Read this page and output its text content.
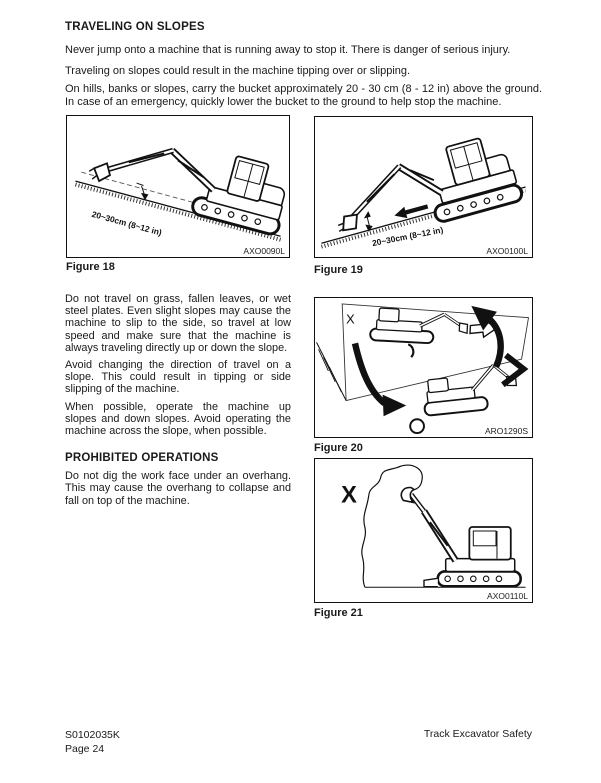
TRAVELING ON SLOPES

Never jump onto a machine that is running away to stop it. There is danger of serious injury.

Traveling on slopes could result in the machine tipping over or slipping.

On hills, banks or slopes, carry the bucket approximately 20 - 30 cm (8 - 12 in) above the ground. In case of an emergency, quickly lower the bucket to the ground to help stop the machine.

20~30cm (8~12 in)
AXO0090L
Figure 18
20~30cm (8~12 in)
AXO0100L
Figure 19

Do not travel on grass, fallen leaves, or wet steel plates. Even slight slopes may cause the machine to slip to the side, so travel at low speed and make sure that the machine is always traveling directly up or down the slope.

Avoid changing the direction of travel on a slope. This could result in tipping or side slipping of the machine.

When possible, operate the machine up slopes and down slopes. Avoid operating the machine across the slope, when possible.

PROHIBITED OPERATIONS

Do not dig the work face under an overhang. This may cause the overhang to collapse and fall on top of the machine.

X
ARO1290S
Figure 20
X
AXO0110L
Figure 21
S0102035K
Page 24
Track Excavator Safety
